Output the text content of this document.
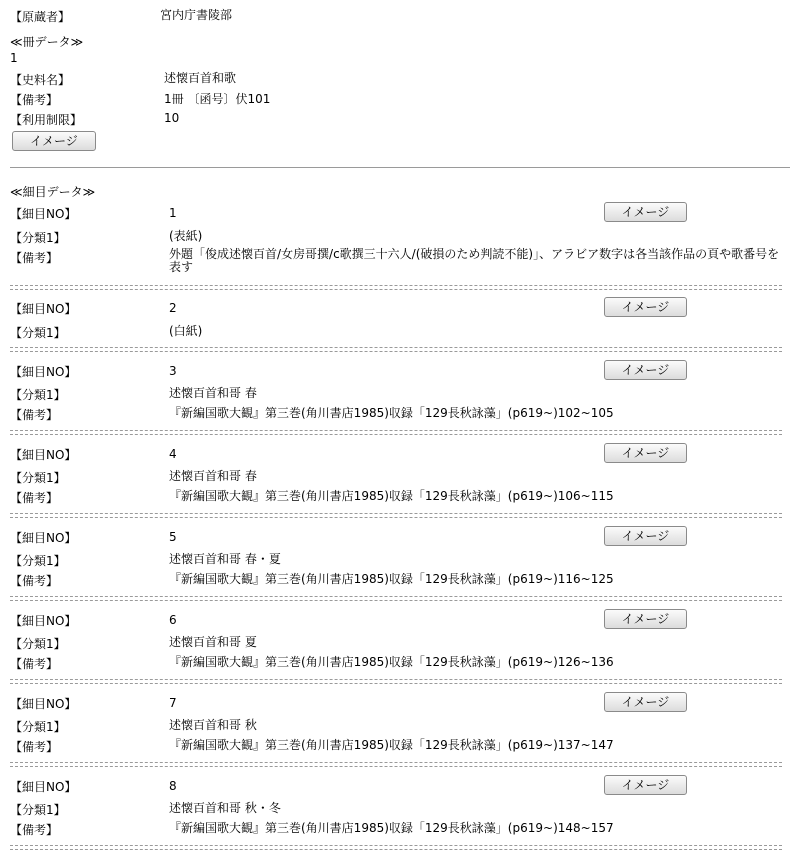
【原蔵者】	宮内庁書陵部
≪冊データ≫
1
【史料名】	述懐百首和歌
【備考】	1冊 〔函号〕伏101
【利用制限】	10
イメージ
≪細目データ≫
【細目NO】	1	イメージ
【分類1】	(表紙)
【備考】	外題「俊成述懐百首/女房哥撰/c歌撰三十六人/(破損のため判読不能)」、アラビア数字は各当該作品の頁や歌番号を表す
【細目NO】	2	イメージ
【分類1】	(白紙)
【細目NO】	3	イメージ
【分類1】	述懐百首和哥 春
【備考】	『新編国歌大観』第三巻(角川書店1985)収録「129長秋詠藻」(p619~)102~105
【細目NO】	4	イメージ
【分類1】	述懐百首和哥 春
【備考】	『新編国歌大観』第三巻(角川書店1985)収録「129長秋詠藻」(p619~)106~115
【細目NO】	5	イメージ
【分類1】	述懐百首和哥 春・夏
【備考】	『新編国歌大観』第三巻(角川書店1985)収録「129長秋詠藻」(p619~)116~125
【細目NO】	6	イメージ
【分類1】	述懐百首和哥 夏
【備考】	『新編国歌大観』第三巻(角川書店1985)収録「129長秋詠藻」(p619~)126~136
【細目NO】	7	イメージ
【分類1】	述懐百首和哥 秋
【備考】	『新編国歌大観』第三巻(角川書店1985)収録「129長秋詠藻」(p619~)137~147
【細目NO】	8	イメージ
【分類1】	述懐百首和哥 秋・冬
【備考】	『新編国歌大観』第三巻(角川書店1985)収録「129長秋詠藻」(p619~)148~157
